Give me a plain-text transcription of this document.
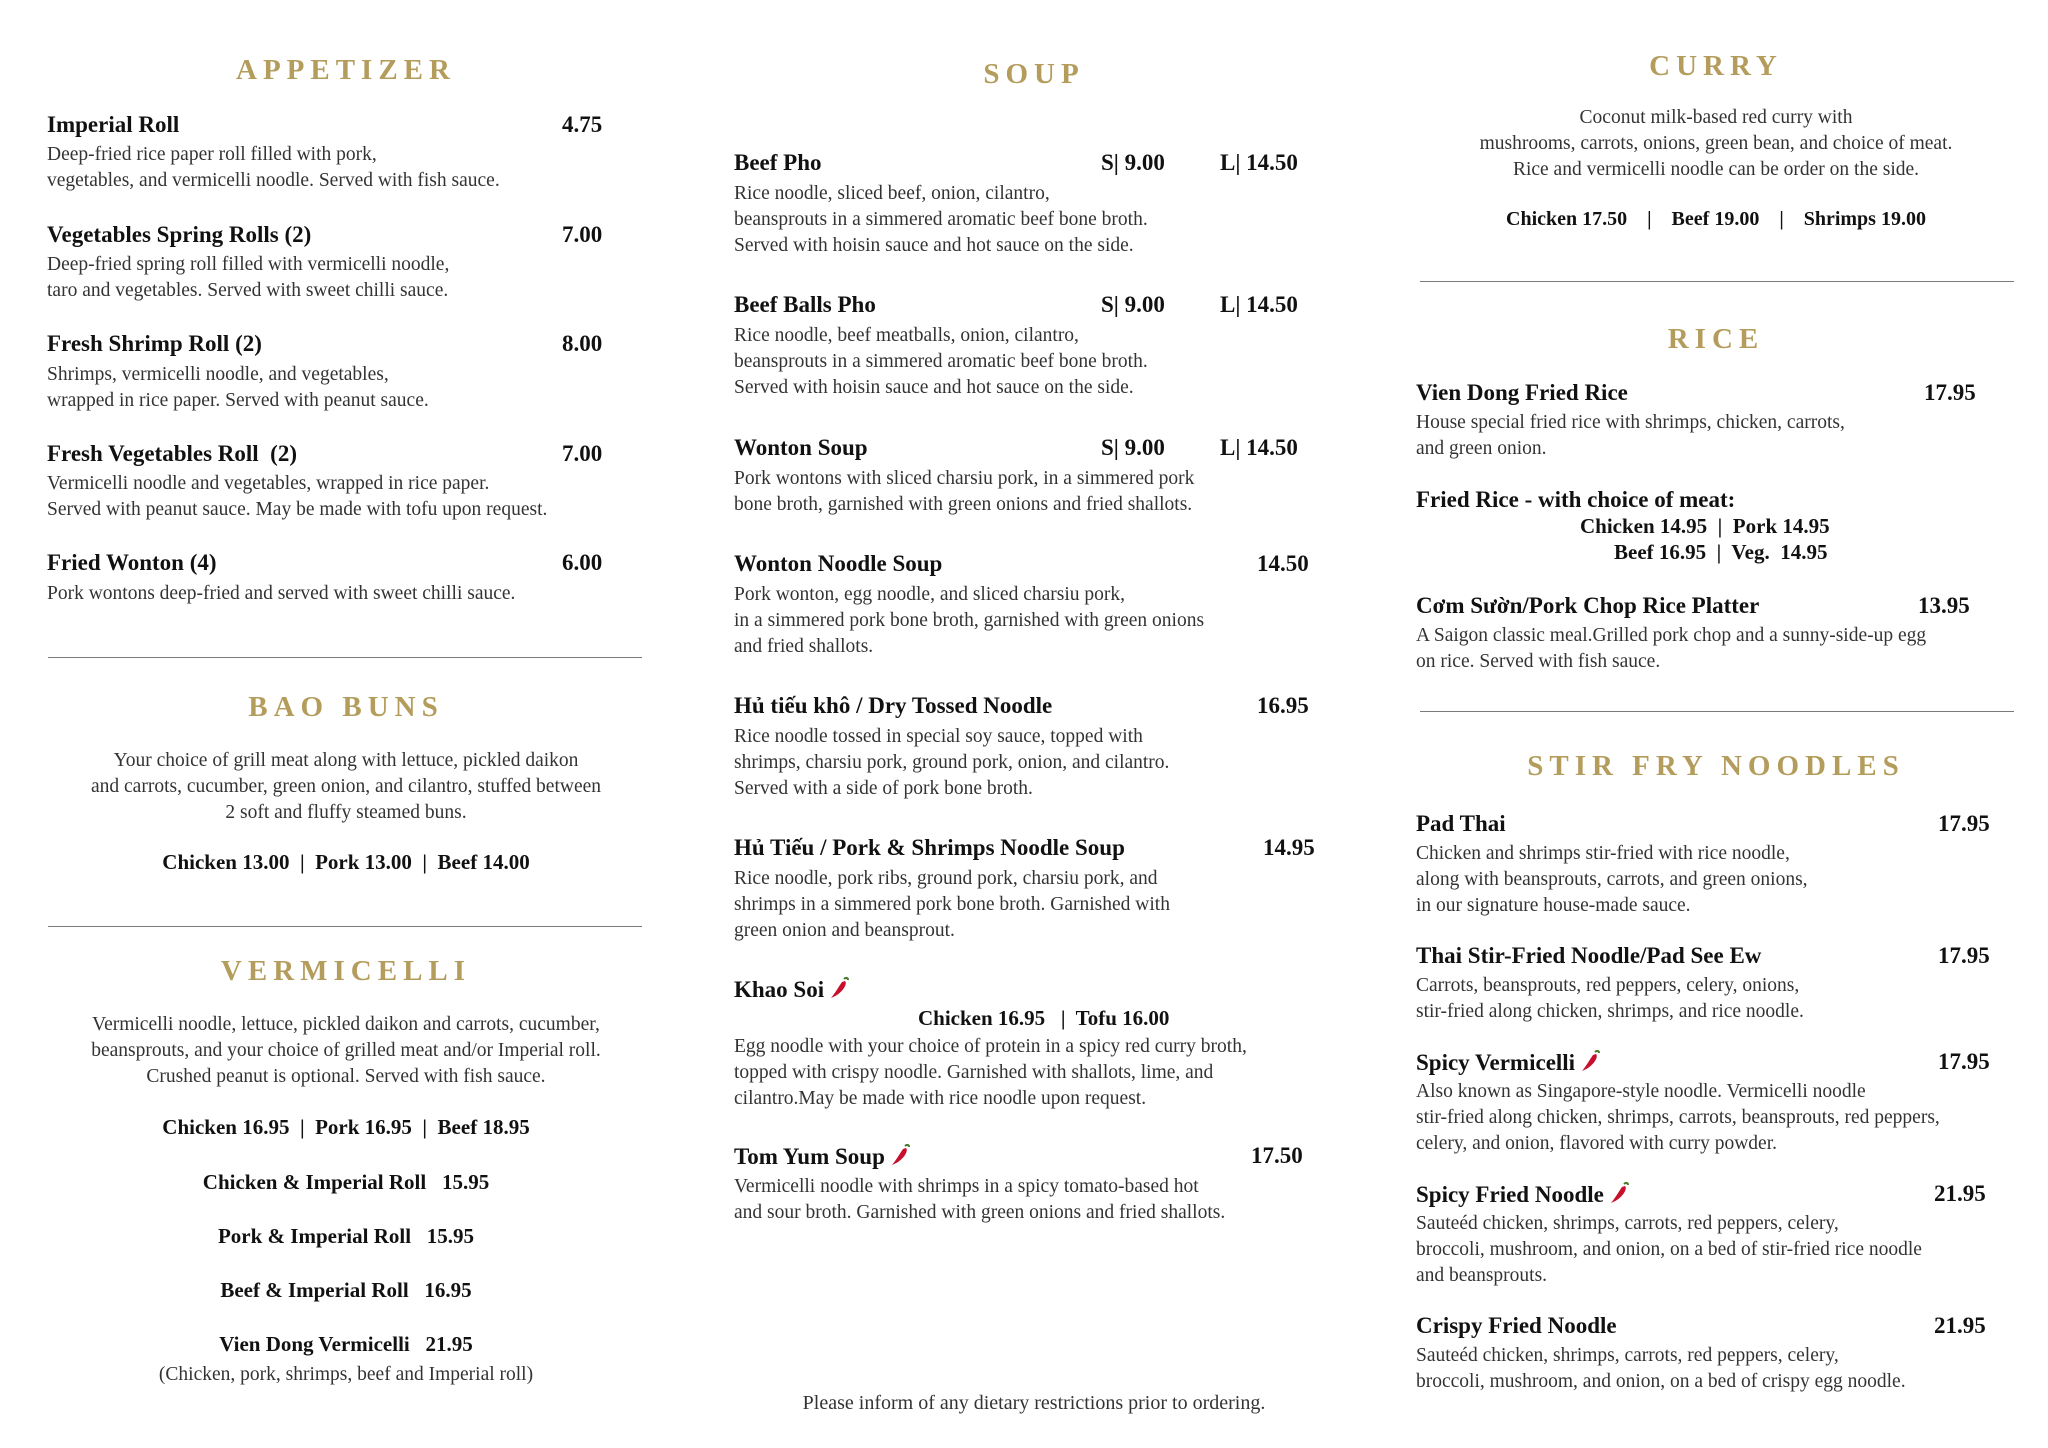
APPETIZER
Imperial Roll	4.75
Deep-fried rice paper roll filled with pork,
vegetables, and vermicelli noodle. Served with fish sauce.
Vegetables Spring Rolls (2)	7.00
Deep-fried spring roll filled with vermicelli noodle,
taro and vegetables. Served with sweet chilli sauce.
Fresh Shrimp Roll (2)	8.00
Shrimps, vermicelli noodle, and vegetables,
wrapped in rice paper. Served with peanut sauce.
Fresh Vegetables Roll  (2)	7.00
Vermicelli noodle and vegetables, wrapped in rice paper.
Served with peanut sauce. May be made with tofu upon request.
Fried Wonton (4)	6.00
Pork wontons deep-fried and served with sweet chilli sauce.
BAO BUNS
Your choice of grill meat along with lettuce, pickled daikon
and carrots, cucumber, green onion, and cilantro, stuffed between
2 soft and fluffy steamed buns.
Chicken 13.00  |  Pork 13.00  |  Beef 14.00
VERMICELLI
Vermicelli noodle, lettuce, pickled daikon and carrots, cucumber,
beansprouts, and your choice of grilled meat and/or Imperial roll.
Crushed peanut is optional. Served with fish sauce.
Chicken 16.95  |  Pork 16.95  |  Beef 18.95
Chicken & Imperial Roll   15.95
Pork & Imperial Roll   15.95
Beef & Imperial Roll   16.95
Vien Dong Vermicelli   21.95
(Chicken, pork, shrimps, beef and Imperial roll)
SOUP
Beef Pho	S| 9.00 L| 14.50
Rice noodle, sliced beef, onion, cilantro,
beansprouts in a simmered aromatic beef bone broth.
Served with hoisin sauce and hot sauce on the side.
Beef Balls Pho	S| 9.00 L| 14.50
Rice noodle, beef meatballs, onion, cilantro,
beansprouts in a simmered aromatic beef bone broth.
Served with hoisin sauce and hot sauce on the side.
Wonton Soup	S| 9.00 L| 14.50
Pork wontons with sliced charsiu pork, in a simmered pork
bone broth, garnished with green onions and fried shallots.
Wonton Noodle Soup	14.50
Pork wonton, egg noodle, and sliced charsiu pork,
in a simmered pork bone broth, garnished with green onions
and fried shallots.
Hủ tiếu khô / Dry Tossed Noodle	16.95
Rice noodle tossed in special soy sauce, topped with
shrimps, charsiu pork, ground pork, onion, and cilantro.
Served with a side of pork bone broth.
Hủ Tiếu / Pork & Shrimps Noodle Soup	14.95
Rice noodle, pork ribs, ground pork, charsiu pork, and
shrimps in a simmered pork bone broth. Garnished with
green onion and beansprout.
Khao Soi
Chicken 16.95   |  Tofu 16.00
Egg noodle with your choice of protein in a spicy red curry broth,
topped with crispy noodle. Garnished with shallots, lime, and
cilantro.May be made with rice noodle upon request.
Tom Yum Soup	17.50
Vermicelli noodle with shrimps in a spicy tomato-based hot
and sour broth. Garnished with green onions and fried shallots.
Please inform of any dietary restrictions prior to ordering.
CURRY
Coconut milk-based red curry with
mushrooms, carrots, onions, green bean, and choice of meat.
Rice and vermicelli noodle can be order on the side.
Chicken 17.50    |    Beef 19.00    |    Shrimps 19.00
RICE
Vien Dong Fried Rice	17.95
House special fried rice with shrimps, chicken, carrots,
and green onion.
Fried Rice - with choice of meat:
Chicken 14.95  |  Pork 14.95
Beef 16.95  |  Veg.  14.95
Cơm Sườn/Pork Chop Rice Platter	13.95
A Saigon classic meal.Grilled pork chop and a sunny-side-up egg
on rice. Served with fish sauce.
STIR FRY NOODLES
Pad Thai	17.95
Chicken and shrimps stir-fried with rice noodle,
along with beansprouts, carrots, and green onions,
in our signature house-made sauce.
Thai Stir-Fried Noodle/Pad See Ew	17.95
Carrots, beansprouts, red peppers, celery, onions,
stir-fried along chicken, shrimps, and rice noodle.
Spicy Vermicelli	17.95
Also known as Singapore-style noodle. Vermicelli noodle
stir-fried along chicken, shrimps, carrots, beansprouts, red peppers,
celery, and onion, flavored with curry powder.
Spicy Fried Noodle	21.95
Sauteéd chicken, shrimps, carrots, red peppers, celery,
broccoli, mushroom, and onion, on a bed of stir-fried rice noodle
and beansprouts.
Crispy Fried Noodle	21.95
Sauteéd chicken, shrimps, carrots, red peppers, celery,
broccoli, mushroom, and onion, on a bed of crispy egg noodle.
